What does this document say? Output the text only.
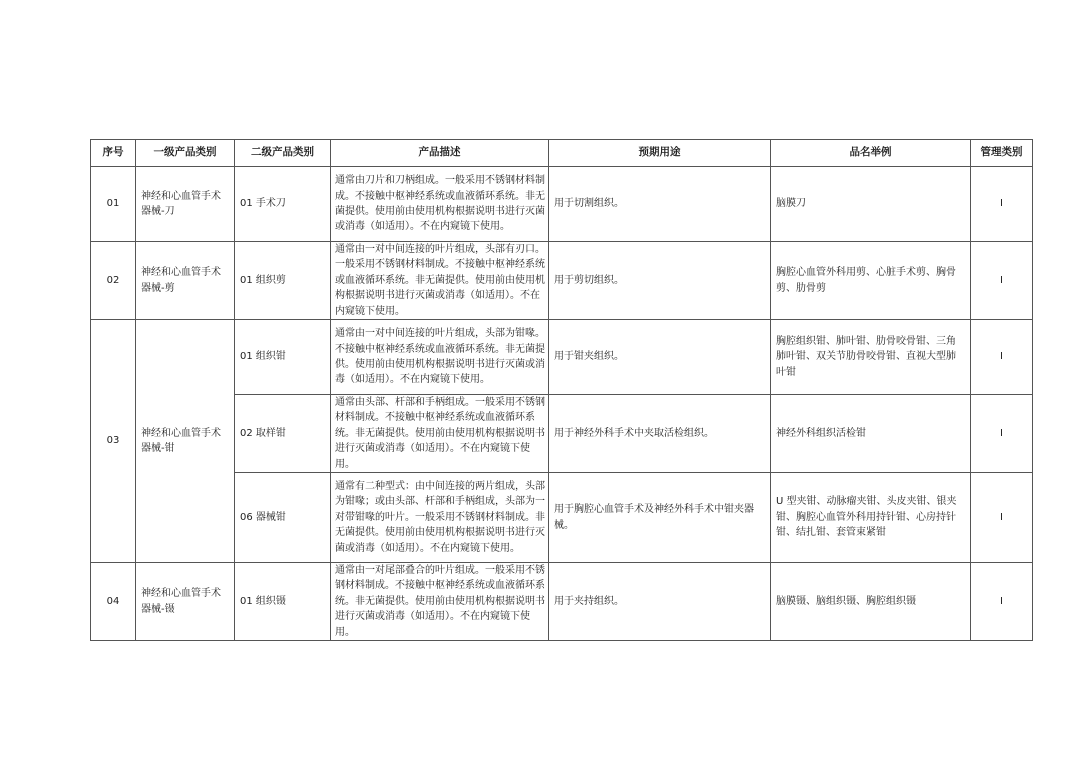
序号	一级产品类别	二级产品类别	产品描述	预期用途	品名举例	管理类别
01	神经和心血管手术器械-刀	01 手术刀	通常由刀片和刀柄组成。一般采用不锈钢材料制成。不接触中枢神经系统或血液循环系统。非无菌提供。使用前由使用机构根据说明书进行灭菌或消毒（如适用）。不在内窥镜下使用。	用于切割组织。	脑膜刀	I
02	神经和心血管手术器械-剪	01 组织剪	通常由一对中间连接的叶片组成，头部有刃口。一般采用不锈钢材料制成。不接触中枢神经系统或血液循环系统。非无菌提供。使用前由使用机构根据说明书进行灭菌或消毒（如适用）。不在内窥镜下使用。	用于剪切组织。	胸腔心血管外科用剪、心脏手术剪、胸骨剪、肋骨剪	I
03	神经和心血管手术器械-钳	01 组织钳	通常由一对中间连接的叶片组成，头部为钳喙。不接触中枢神经系统或血液循环系统。非无菌提供。使用前由使用机构根据说明书进行灭菌或消毒（如适用）。不在内窥镜下使用。	用于钳夹组织。	胸腔组织钳、肺叶钳、肋骨咬骨钳、三角肺叶钳、双关节肋骨咬骨钳、直视大型肺叶钳	I
		02 取样钳	通常由头部、杆部和手柄组成。一般采用不锈钢材料制成。不接触中枢神经系统或血液循环系统。非无菌提供。使用前由使用机构根据说明书进行灭菌或消毒（如适用）。不在内窥镜下使用。	用于神经外科手术中夹取活检组织。	神经外科组织活检钳	I
		06 器械钳	通常有二种型式：由中间连接的两片组成，头部为钳喙；或由头部、杆部和手柄组成，头部为一对带钳喙的叶片。一般采用不锈钢材料制成。非无菌提供。使用前由使用机构根据说明书进行灭菌或消毒（如适用）。不在内窥镜下使用。	用于胸腔心血管手术及神经外科手术中钳夹器械。	U 型夹钳、动脉瘤夹钳、头皮夹钳、银夹钳、胸腔心血管外科用持针钳、心房持针钳、结扎钳、套管束紧钳	I
04	神经和心血管手术器械-镊	01 组织镊	通常由一对尾部叠合的叶片组成。一般采用不锈钢材料制成。不接触中枢神经系统或血液循环系统。非无菌提供。使用前由使用机构根据说明书进行灭菌或消毒（如适用）。不在内窥镜下使用。	用于夹持组织。	脑膜镊、脑组织镊、胸腔组织镊	I
